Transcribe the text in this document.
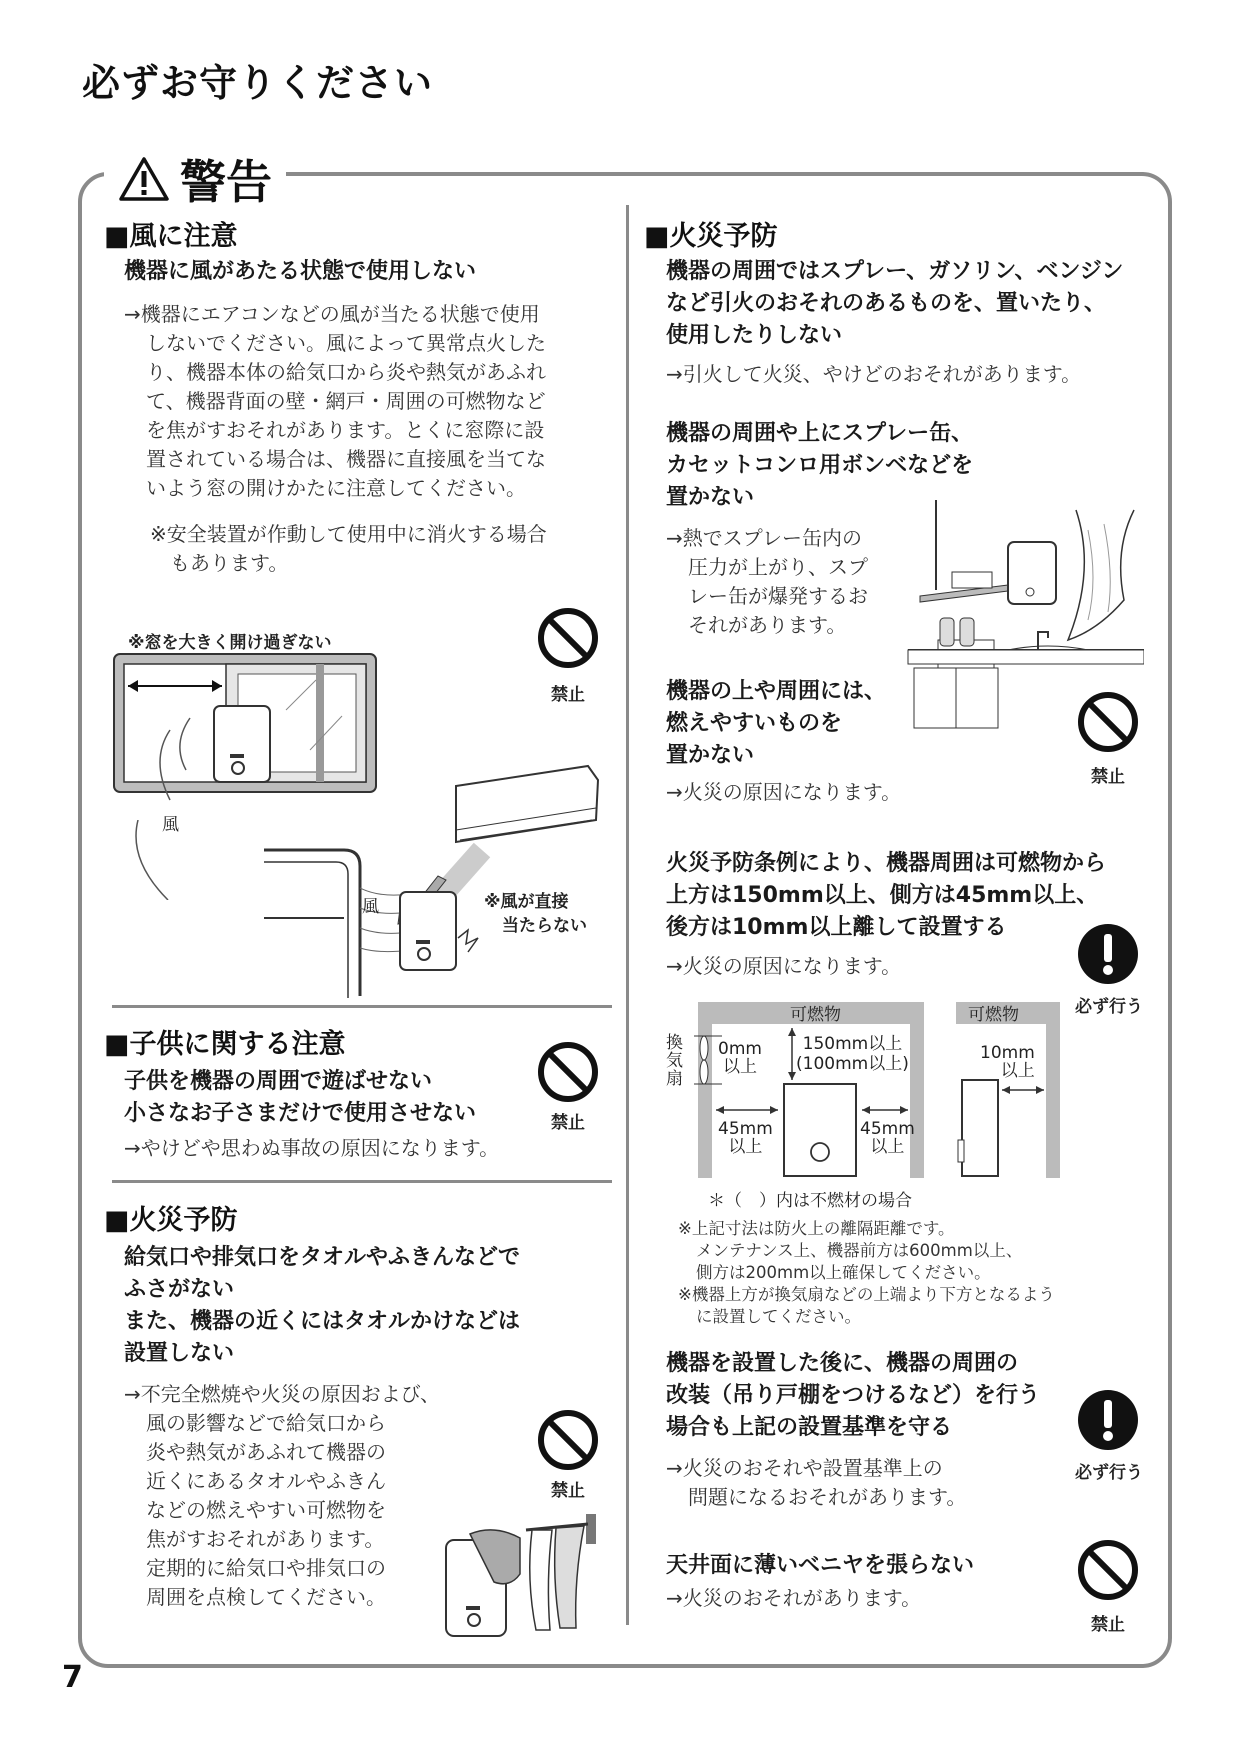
必ずお守りください
警告
■風に注意
機器に風があたる状態で使用しない
→機器にエアコンなどの風が当たる状態で使用
しないでください。風によって異常点火した
り、機器本体の給気口から炎や熱気があふれ
て、機器背面の壁・網戸・周囲の可燃物など
を焦がすおそれがあります。とくに窓際に設
置されている場合は、機器に直接風を当てな
いよう窓の開けかたに注意してください。
※安全装置が作動して使用中に消火する場合
もあります。
※窓を大きく開け過ぎない
風
禁止
風	※風が直接
当たらない
■子供に関する注意
子供を機器の周囲で遊ばせない
小さなお子さまだけで使用させない
→やけどや思わぬ事故の原因になります。
禁止
■火災予防
給気口や排気口をタオルやふきんなどで
ふさがない
また、機器の近くにはタオルかけなどは
設置しない
→不完全燃焼や火災の原因および、
風の影響などで給気口から
炎や熱気があふれて機器の
近くにあるタオルやふきん
などの燃えやすい可燃物を
焦がすおそれがあります。
定期的に給気口や排気口の
周囲を点検してください。
禁止
■火災予防
機器の周囲ではスプレー、ガソリン、ベンジン
など引火のおそれのあるものを、置いたり、
使用したりしない
→引火して火災、やけどのおそれがあります。
機器の周囲や上にスプレー缶、
カセットコンロ用ボンベなどを
置かない
→熱でスプレー缶内の
圧力が上がり、スプ
レー缶が爆発するお
それがあります。
機器の上や周囲には、
燃えやすいものを
置かない
→火災の原因になります。
禁止
火災予防条例により、機器周囲は可燃物から
上方は150mm以上、側方は45mm以上、
後方は10mm以上離して設置する
→火災の原因になります。
必ず行う
可燃物	可燃物
換
気
扇
0mm
以上
150mm以上
(100mm以上)
45mm
以上
45mm
以上
10mm
以上
＊（　）内は不燃材の場合
※上記寸法は防火上の離隔距離です。
メンテナンス上、機器前方は600mm以上、
側方は200mm以上確保してください。
※機器上方が換気扇などの上端より下方となるよう
に設置してください。
機器を設置した後に、機器の周囲の
改装（吊り戸棚をつけるなど）を行う
場合も上記の設置基準を守る
→火災のおそれや設置基準上の
問題になるおそれがあります。
必ず行う
天井面に薄いベニヤを張らない
→火災のおそれがあります。
禁止
7
